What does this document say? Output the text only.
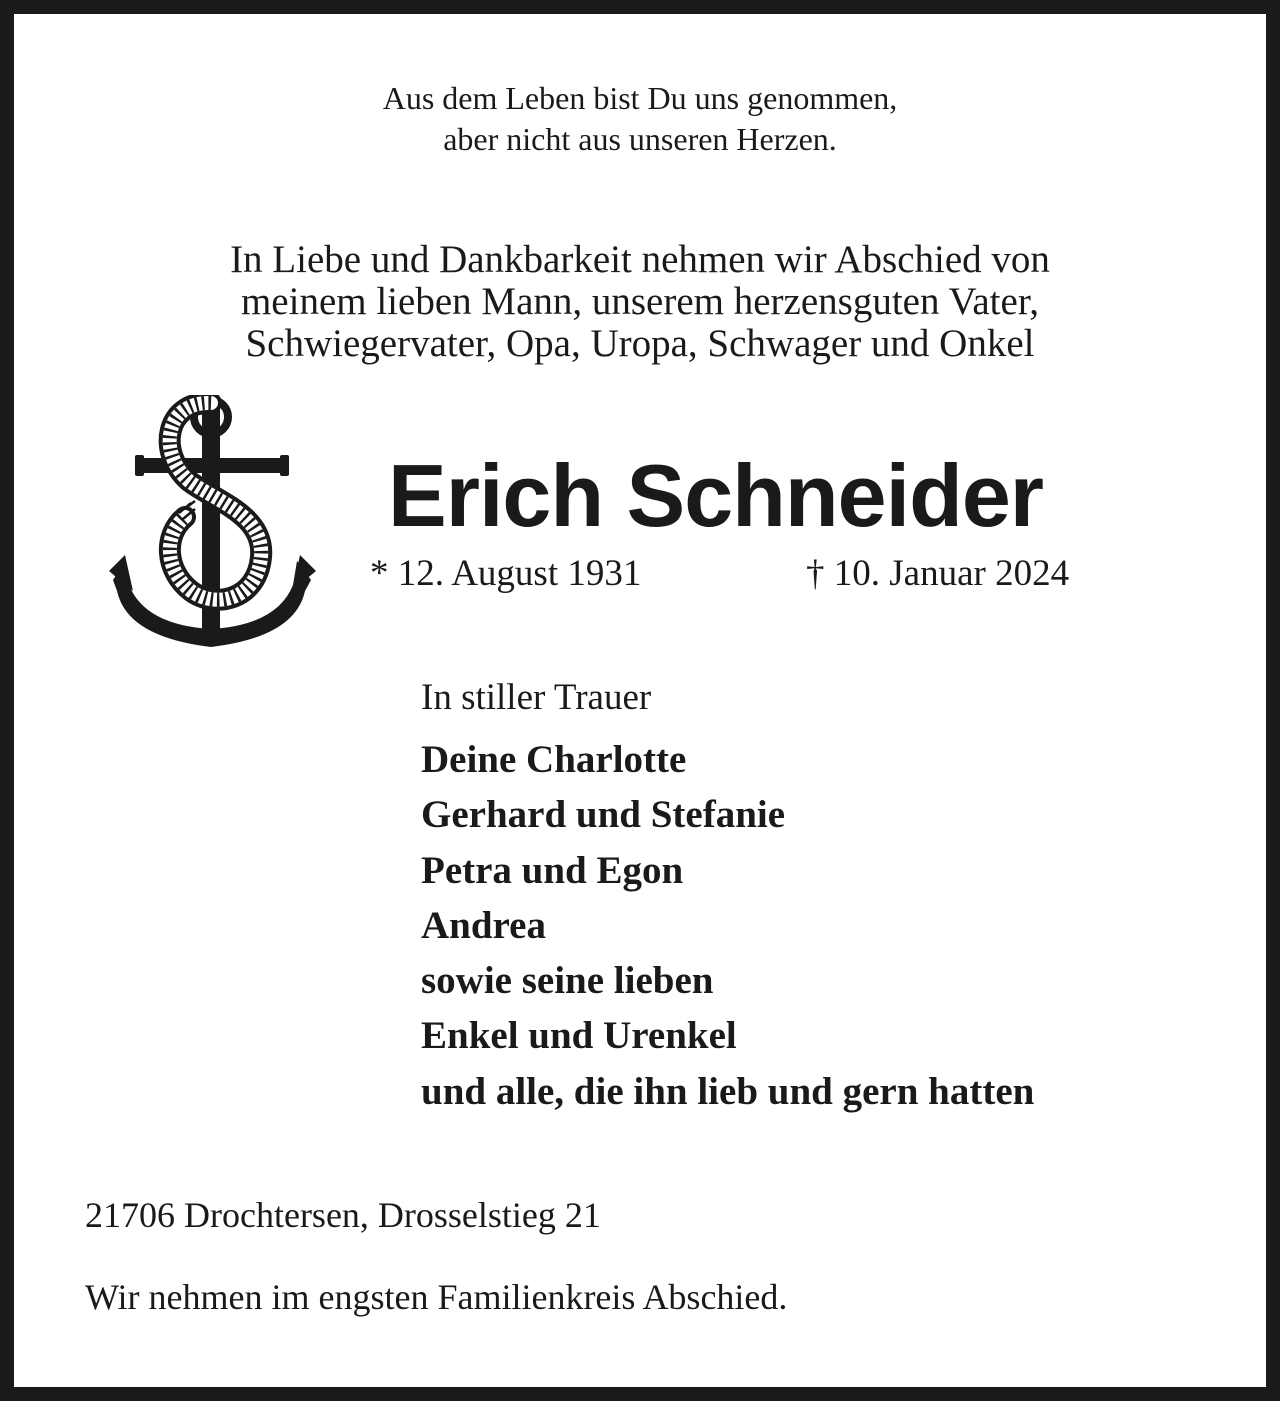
Aus dem Leben bist Du uns genommen,
aber nicht aus unseren Herzen.
In Liebe und Dankbarkeit nehmen wir Abschied von
meinem lieben Mann, unserem herzensguten Vater,
Schwiegervater, Opa, Uropa, Schwager und Onkel
Erich Schneider
* 12. August 1931	† 10. Januar 2024
In stiller Trauer
Deine Charlotte
Gerhard und Stefanie
Petra und Egon
Andrea
sowie seine lieben
Enkel und Urenkel
und alle, die ihn lieb und gern hatten
21706 Drochtersen, Drosselstieg 21
Wir nehmen im engsten Familienkreis Abschied.
